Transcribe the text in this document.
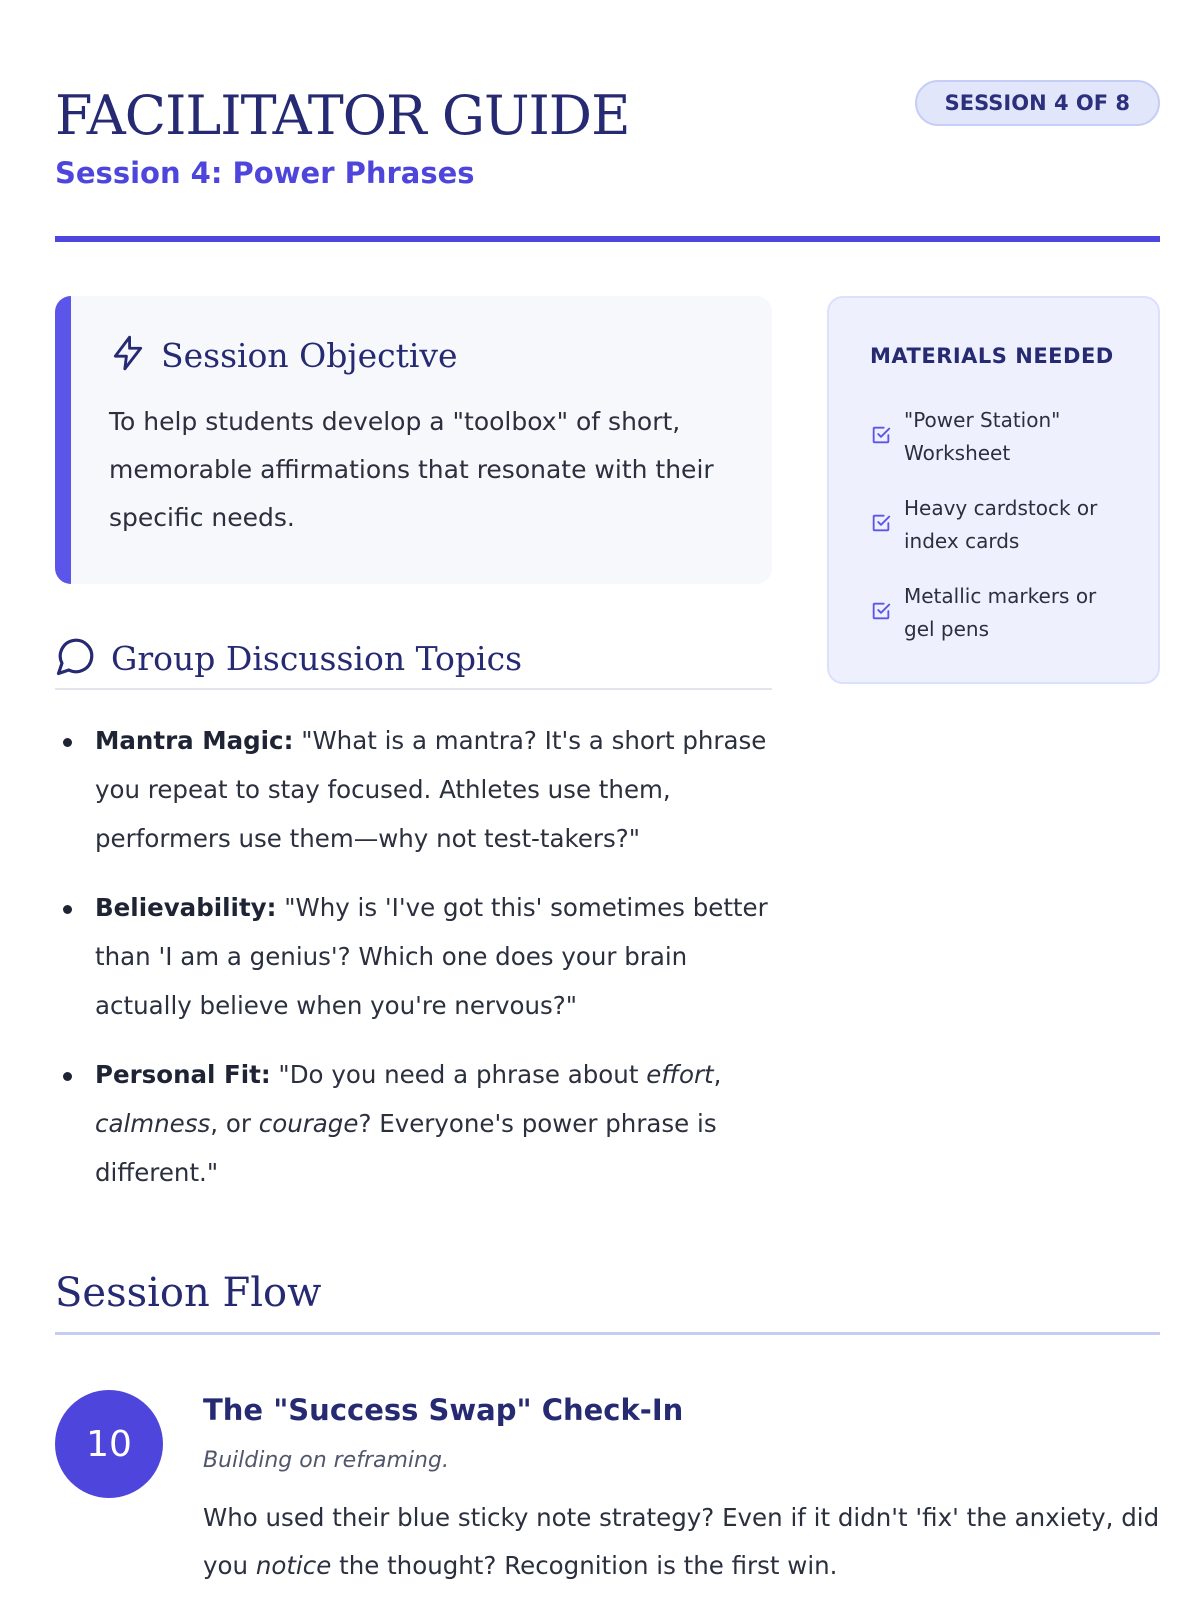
FACILITATOR GUIDE
Session 4: Power Phrases
SESSION 4 OF 8
Session Objective
To help students develop a "toolbox" of short, memorable affirmations that resonate with their specific needs.
MATERIALS NEEDED
"Power Station" Worksheet
Heavy cardstock or index cards
Metallic markers or gel pens
Group Discussion Topics
Mantra Magic: "What is a mantra? It's a short phrase you repeat to stay focused. Athletes use them, performers use them—why not test-takers?"
Believability: "Why is 'I've got this' sometimes better than 'I am a genius'? Which one does your brain actually believe when you're nervous?"
Personal Fit: "Do you need a phrase about effort, calmness, or courage? Everyone's power phrase is different."
Session Flow
10
The "Success Swap" Check-In
Building on reframing.
Who used their blue sticky note strategy? Even if it didn't 'fix' the anxiety, did you notice the thought? Recognition is the first win.
